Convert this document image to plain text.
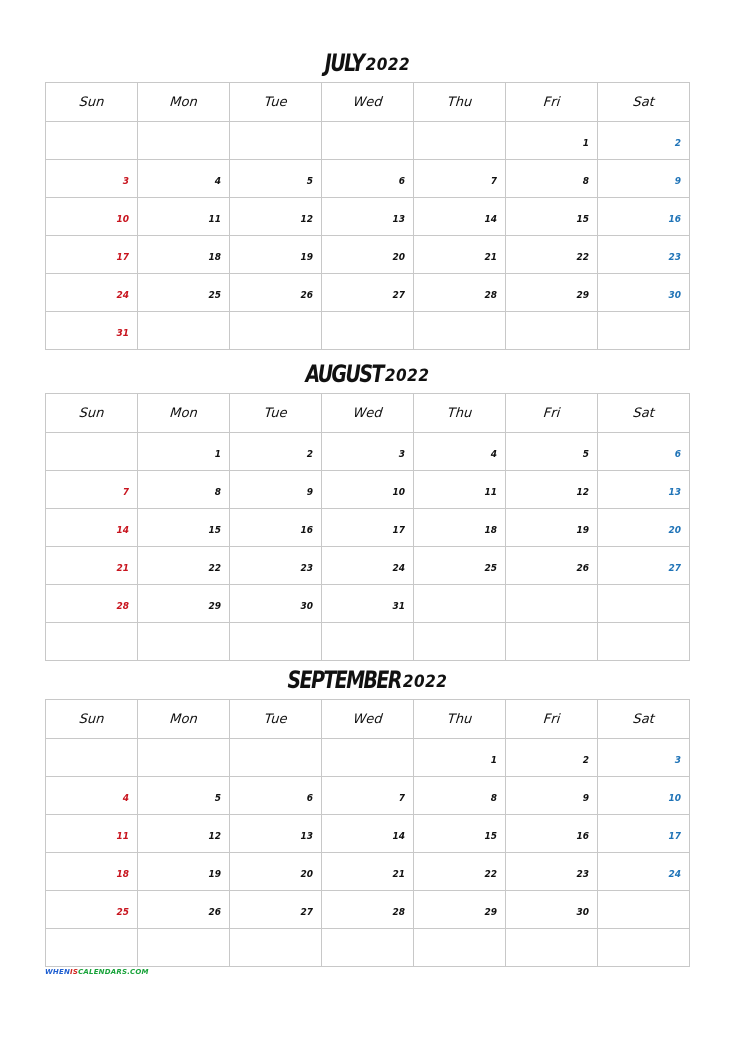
JULY 2022
Sun	Mon	Tue	Wed	Thu	Fri	Sat
					1	2
3	4	5	6	7	8	9
10	11	12	13	14	15	16
17	18	19	20	21	22	23
24	25	26	27	28	29	30
31						
AUGUST 2022
Sun	Mon	Tue	Wed	Thu	Fri	Sat
	1	2	3	4	5	6
7	8	9	10	11	12	13
14	15	16	17	18	19	20
21	22	23	24	25	26	27
28	29	30	31			

SEPTEMBER 2022
Sun	Mon	Tue	Wed	Thu	Fri	Sat
				1	2	3
4	5	6	7	8	9	10
11	12	13	14	15	16	17
18	19	20	21	22	23	24
25	26	27	28	29	30	

WHENISCALENDARS.COM
